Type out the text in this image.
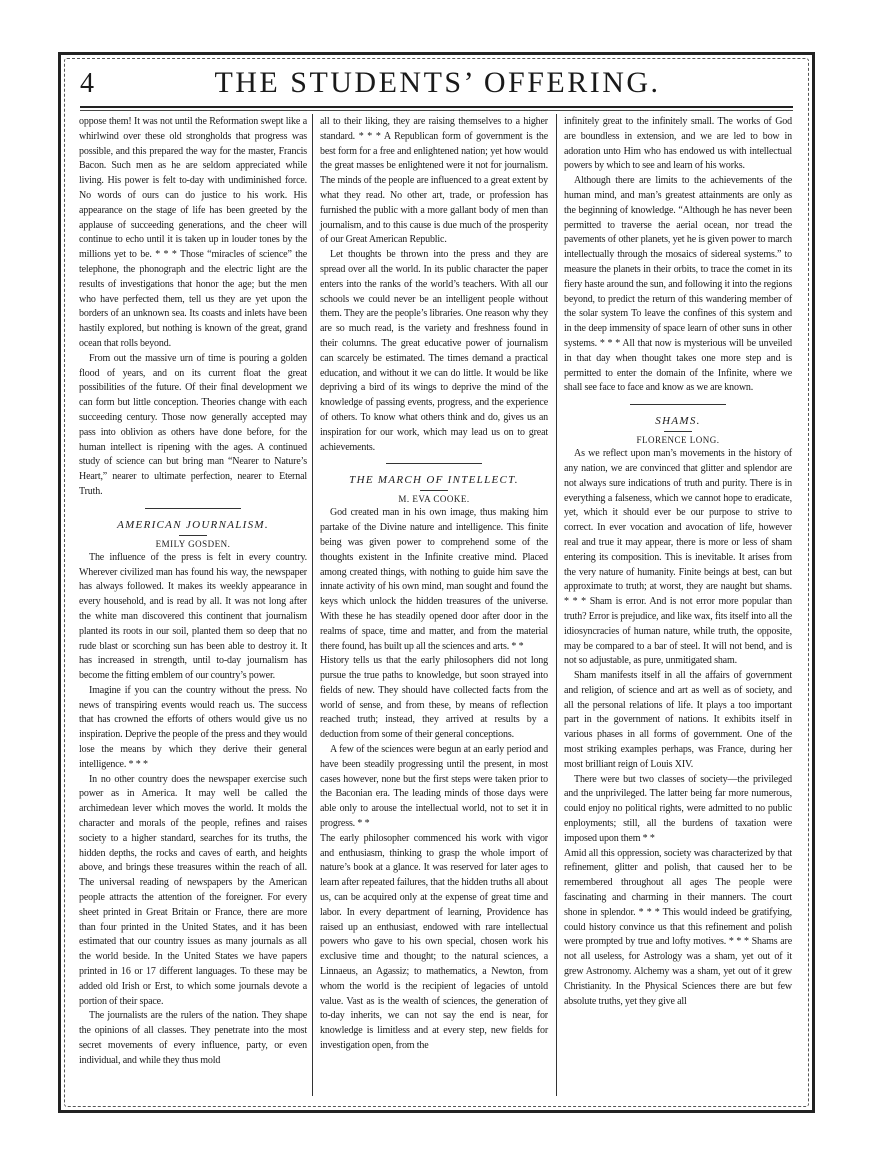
4	THE STUDENTS’ OFFERING.

oppose them! It was not until the Reformation swept like a whirlwind over these old strongholds that progress was possible, and this prepared the way for the master, Francis Bacon. Such men as he are seldom appreciated while living. His power is felt to-day with undiminished force. No words of ours can do justice to his work. His appearance on the stage of life has been greeted by the applause of succeeding generations, and the cheer will continue to echo until it is taken up in louder tones by the millions yet to be. * * * Those “miracles of science” the telephone, the phonograph and the electric light are the results of investigations that honor the age; but the men who have perfected them, tell us they are yet upon the borders of an unknown sea. Its coasts and inlets have been hastily explored, but nothing is known of the great, grand ocean that rolls beyond.

From out the massive urn of time is pouring a golden flood of years, and on its current float the great possibilities of the future. Of their final development we can form but little conception. Theories change with each succeeding century. Those now generally accepted may pass into oblivion as others have done before, for the human intellect is ripening with the ages. A continued study of science can but bring man “Nearer to Nature’s Heart,” nearer to ultimate perfection, nearer to Eternal Truth.

AMERICAN JOURNALISM.
EMILY GOSDEN.

The influence of the press is felt in every country. Wherever civilized man has found his way, the newspaper has always followed. It makes its weekly appearance in every household, and is read by all. It was not long after the white man discovered this continent that journalism planted its roots in our soil, planted them so deep that no rude blast or scorching sun has been able to destroy it. It has increased in strength, until to-day journalism has become the fitting emblem of our country’s power.

Imagine if you can the country without the press. No news of transpiring events would reach us. The success that has crowned the efforts of others would give us no inspiration. Deprive the people of the press and they would lose the means by which they derive their general intelligence. * * *

In no other country does the newspaper exercise such power as in America. It may well be called the archimedean lever which moves the world. It molds the character and morals of the people, refines and raises society to a higher standard, searches for its truths, the hidden depths, the rocks and caves of earth, and heights above, and brings these treasures within the reach of all. The universal reading of newspapers by the American people attracts the attention of the foreigner. For every sheet printed in Great Britain or France, there are more than four printed in the United States, and it has been estimated that our country issues as many journals as all the world beside. In the United States we have papers printed in 16 or 17 different languages. To these may be added old Irish or Erst, to which some journals devote a portion of their space.

The journalists are the rulers of the nation. They shape the opinions of all classes. They penetrate into the most secret movements of every influence, party, or even individual, and while they thus mold

all to their liking, they are raising themselves to a higher standard. * * * A Republican form of government is the best form for a free and enlightened nation; yet how would the great masses be enlightened were it not for journalism. The minds of the people are influenced to a great extent by what they read. No other art, trade, or profession has furnished the public with a more gallant body of men than journalism, and to this cause is due much of the prosperity of our Great American Republic.

Let thoughts be thrown into the press and they are spread over all the world. In its public character the paper enters into the ranks of the world’s teachers. With all our schools we could never be an intelligent people without them. They are the people’s libraries. One reason why they are so much read, is the variety and freshness found in their columns. The great educative power of journalism can scarcely be estimated. The times demand a practical education, and without it we can do little. It would be like depriving a bird of its wings to deprive the mind of the knowledge of passing events, progress, and the experience of others. To know what others think and do, gives us an inspiration for our work, which may lead us on to great achievements.

THE MARCH OF INTELLECT.
M. EVA COOKE.

God created man in his own image, thus making him partake of the Divine nature and intelligence. This finite being was given power to comprehend some of the thoughts existent in the Infinite creative mind. Placed among created things, with nothing to guide him save the innate activity of his own mind, man sought and found the keys which unlock the hidden treasures of the universe. With these he has steadily opened door after door in the realms of space, time and matter, and from the material there found, has built up all the sciences and arts. * *

History tells us that the early philosophers did not long pursue the true paths to knowledge, but soon strayed into fields of new. They should have collected facts from the world of sense, and from these, by means of reflection reached truth; instead, they arrived at results by a deduction from some of their general conceptions.

A few of the sciences were begun at an early period and have been steadily progressing until the present, in most cases however, none but the first steps were taken prior to the Baconian era. The leading minds of those days were able only to arouse the intellectual world, not to set it in progress. * *

The early philosopher commenced his work with vigor and enthusiasm, thinking to grasp the whole import of nature’s book at a glance. It was reserved for later ages to learn after repeated failures, that the hidden truths all about us, can be acquired only at the expense of great time and labor. In every department of learning, Providence has raised up an enthusiast, endowed with rare intellectual powers who gave to his own special, chosen work his exclusive time and thought; to the natural sciences, a Linnaeus, an Agassiz; to mathematics, a Newton, from whom the world is the recipient of legacies of untold value. Vast as is the wealth of sciences, the generation of to-day inherits, we can not say the end is near, for knowledge is limitless and at every step, new fields for investigation open, from the

infinitely great to the infinitely small. The works of God are boundless in extension, and we are led to bow in adoration unto Him who has endowed us with intellectual powers by which to see and learn of his works.

Although there are limits to the achievements of the human mind, and man’s greatest attainments are only as the beginning of knowledge. “Although he has never been permitted to traverse the aerial ocean, nor tread the pavements of other planets, yet he is given power to march intellectually through the mosaics of sidereal systems.” to measure the planets in their orbits, to trace the comet in its fiery haste around the sun, and following it into the regions beyond, to predict the return of this wandering member of the solar system To leave the confines of this system and in the deep immensity of space learn of other suns in other systems. * * * All that now is mysterious will be unveiled in that day when thought takes one more step and is permitted to enter the domain of the Infinite, where we shall see face to face and know as we are known.

SHAMS.
FLORENCE LONG.

As we reflect upon man’s movements in the history of any nation, we are convinced that glitter and splendor are not always sure indications of truth and purity. There is in everything a falseness, which we cannot hope to eradicate, yet, which it should ever be our purpose to strive to correct. In ever vocation and avocation of life, however real and true it may appear, there is more or less of sham entering its composition. This is inevitable. It arises from the very nature of humanity. Finite beings at best, can but approximate to truth; at worst, they are naught but shams. * * * Sham is error. And is not error more popular than truth? Error is prejudice, and like wax, fits itself into all the idiosyncracies of human nature, while truth, the opposite, may be compared to a bar of steel. It will not bend, and is not so adjustable, as pure, unmitigated sham.

Sham manifests itself in all the affairs of government and religion, of science and art as well as of society, and all the personal relations of life. It plays a too important part in the government of nations. It exhibits itself in various phases in all forms of government. One of the most striking examples perhaps, was France, during her most brilliant reign of Louis XIV.

There were but two classes of society—the privileged and the unprivileged. The latter being far more numerous, could enjoy no political rights, were admitted to no public enployments; still, all the burdens of taxation were imposed upon them * *

Amid all this oppression, society was characterized by that refinement, glitter and polish, that caused her to be remembered throughout all ages The people were fascinating and charming in their manners. The court shone in splendor. * * * This would indeed be gratifying, could history convince us that this refinement and polish were prompted by true and lofty motives. * * * Shams are not all useless, for Astrology was a sham, yet out of it grew Astronomy. Alchemy was a sham, yet out of it grew Christianity. In the Physical Sciences there are but few absolute truths, yet they give all
